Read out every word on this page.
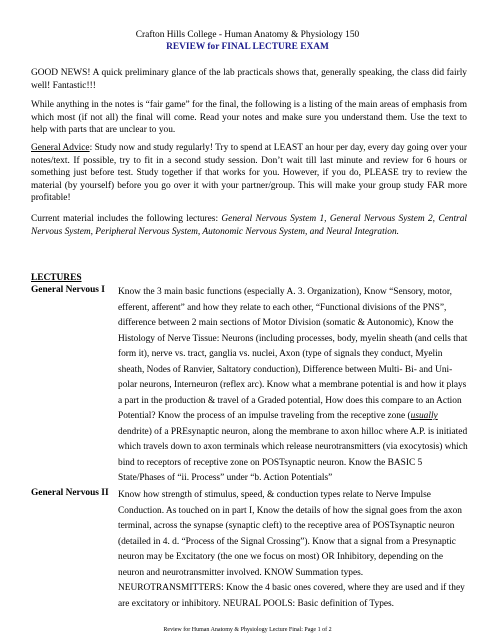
Crafton Hills College - Human Anatomy & Physiology 150
REVIEW for FINAL LECTURE EXAM

GOOD NEWS! A quick preliminary glance of the lab practicals shows that, generally speaking, the class did fairly well! Fantastic!!!

While anything in the notes is “fair game” for the final, the following is a listing of the main areas of emphasis from which most (if not all) the final will come. Read your notes and make sure you understand them. Use the text to help with parts that are unclear to you.

General Advice: Study now and study regularly! Try to spend at LEAST an hour per day, every day going over your notes/text. If possible, try to fit in a second study session. Don’t wait till last minute and review for 6 hours or something just before test. Study together if that works for you. However, if you do, PLEASE try to review the material (by yourself) before you go over it with your partner/group. This will make your group study FAR more profitable!

Current material includes the following lectures: General Nervous System 1, General Nervous System 2, Central Nervous System, Peripheral Nervous System, Autonomic Nervous System, and Neural Integration.

LECTURES
General Nervous I Know the 3 main basic functions (especially A. 3. Organization), Know “Sensory, motor, efferent, afferent” and how they relate to each other, “Functional divisions of the PNS”, difference between 2 main sections of Motor Division (somatic & Autonomic), Know the Histology of Nerve Tissue: Neurons (including processes, body, myelin sheath (and cells that form it), nerve vs. tract, ganglia vs. nuclei, Axon (type of signals they conduct, Myelin sheath, Nodes of Ranvier, Saltatory conduction), Difference between Multi- Bi- and Uni-polar neurons, Interneuron (reflex arc). Know what a membrane potential is and how it plays a part in the production & travel of a Graded potential, How does this compare to an Action Potential? Know the process of an impulse traveling from the receptive zone (usually dendrite) of a PREsynaptic neuron, along the membrane to axon hilloc where A.P. is initiated which travels down to axon terminals which release neurotransmitters (via exocytosis) which bind to receptors of receptive zone on POSTsynaptic neuron. Know the BASIC 5 State/Phases of “ii. Process” under “b. Action Potentials”

General Nervous II Know how strength of stimulus, speed, & conduction types relate to Nerve Impulse Conduction. As touched on in part I, Know the details of how the signal goes from the axon terminal, across the synapse (synaptic cleft) to the receptive area of POSTsynaptic neuron (detailed in 4. d. “Process of the Signal Crossing”). Know that a signal from a Presynaptic neuron may be Excitatory (the one we focus on most) OR Inhibitory, depending on the neuron and neurotransmitter involved. KNOW Summation types. NEUROTRANSMITTERS: Know the 4 basic ones covered, where they are used and if they are excitatory or inhibitory. NEURAL POOLS: Basic definition of Types.

Review for Human Anatomy & Physiology Lecture Final: Page 1 of 2
